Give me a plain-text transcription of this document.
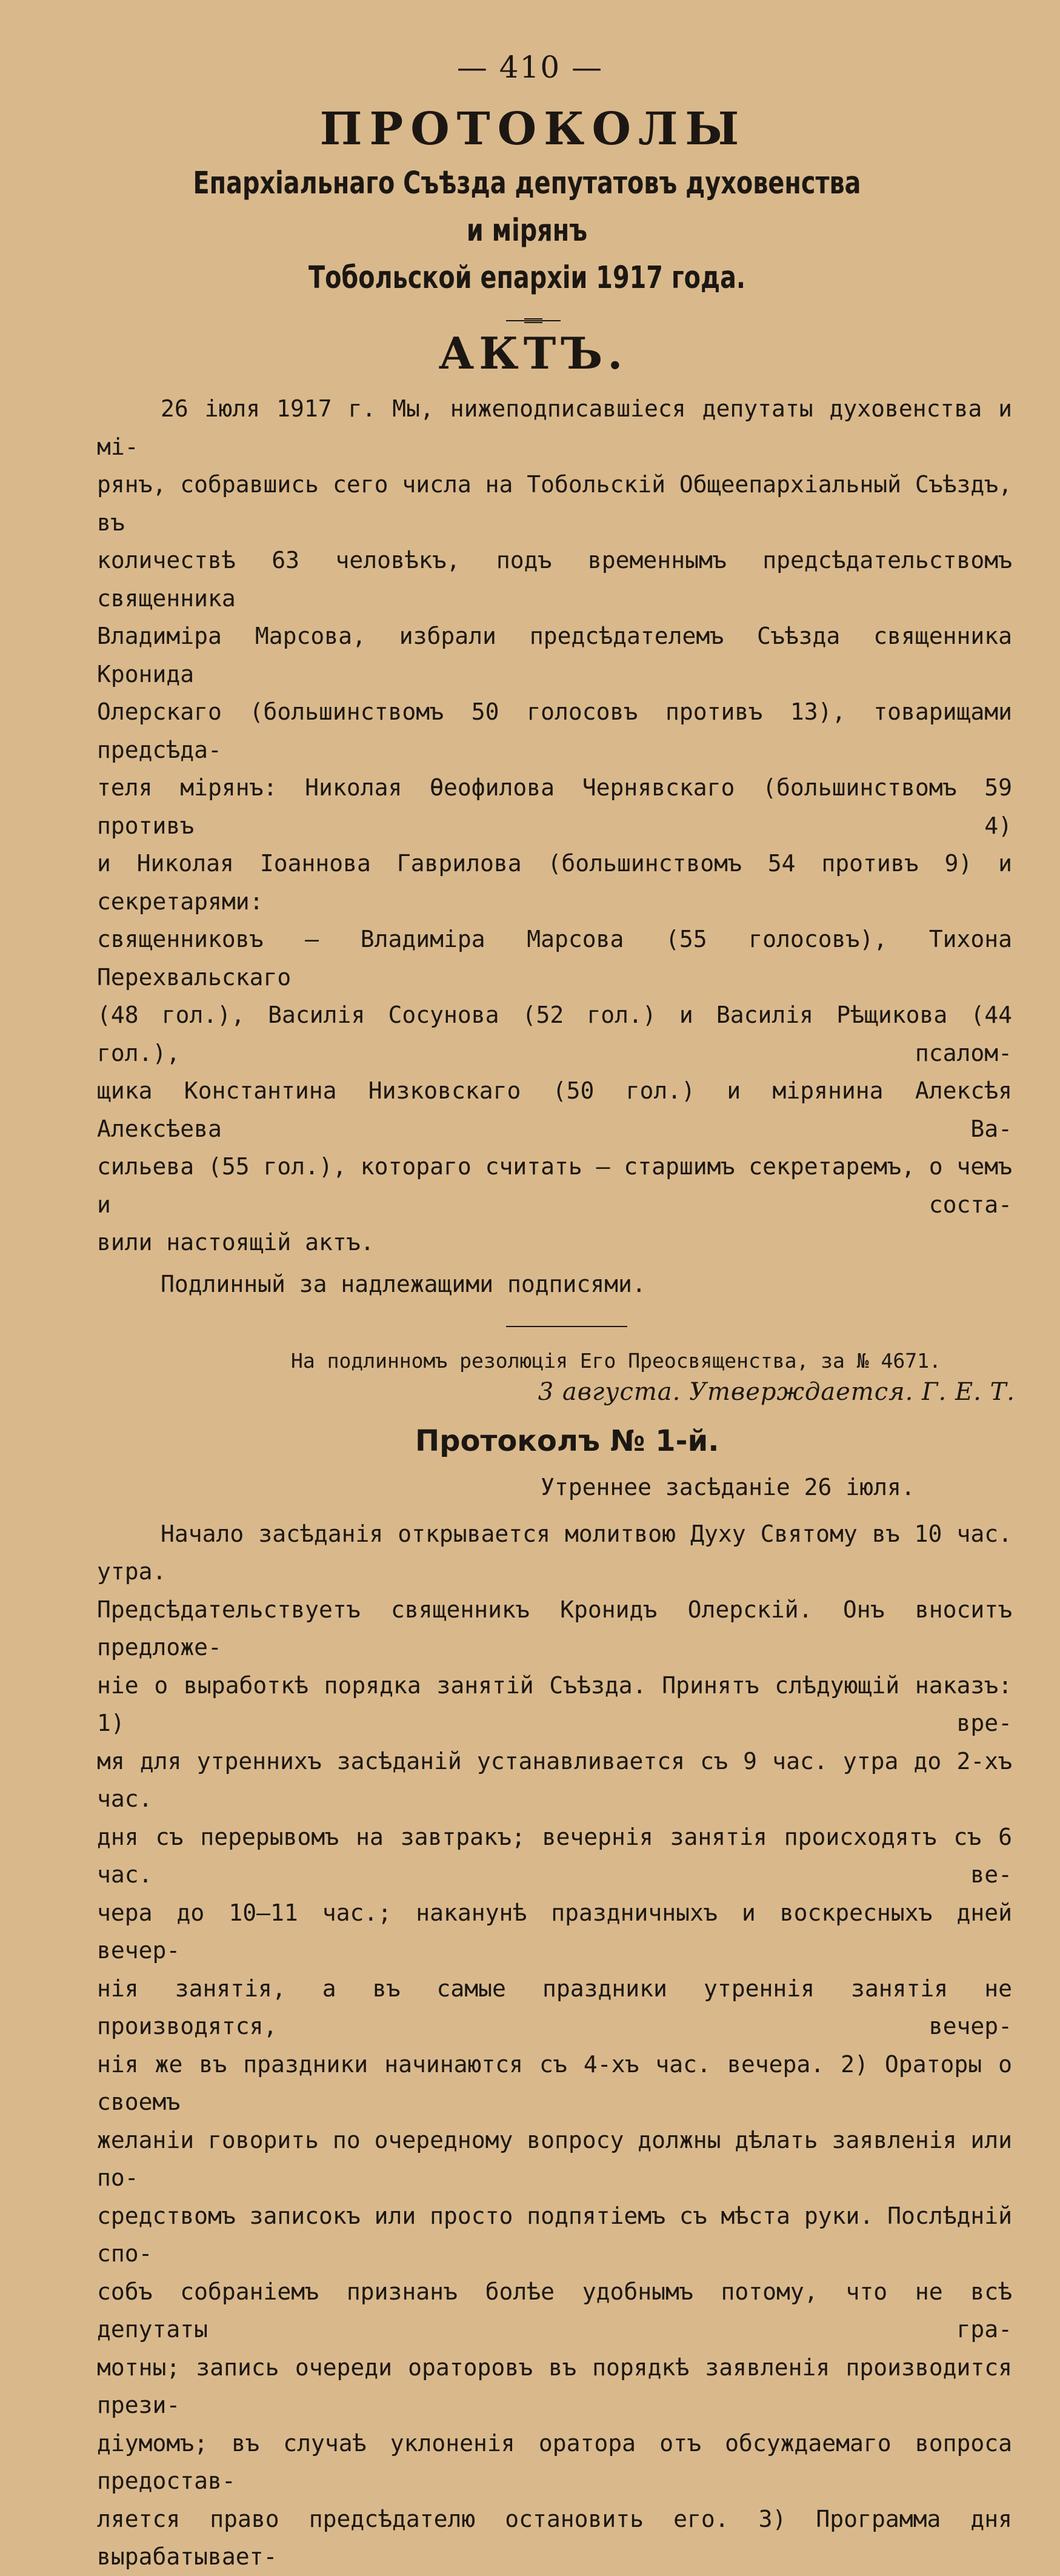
— 410 —
ПРОТОКОЛЫ
Епархіальнаго Съѣзда депутатовъ духовенства и мірянъ
Тобольской епархіи 1917 года.
АКТЪ.
26 іюля 1917 г. Мы, нижеподписавшіеся депутаты духовенства и мі-
рянъ, собравшись сего числа на Тобольскій Общеепархіальный Съѣздъ, въ
количествѣ 63 человѣкъ, подъ временнымъ предсѣдательствомъ священника
Владиміра Марсова, избрали предсѣдателемъ Съѣзда священника Кронида
Олерскаго (большинствомъ 50 голосовъ противъ 13), товарищами предсѣда-
теля мірянъ: Николая Ѳеофилова Чернявскаго (большинствомъ 59 противъ 4)
и Николая Іоаннова Гаврилова (большинствомъ 54 противъ 9) и секретарями:
священниковъ — Владиміра Марсова (55 голосовъ), Тихона Перехвальскаго
(48 гол.), Василія Сосунова (52 гол.) и Василія Рѣщикова (44 гол.), псалом-
щика Константина Низковскаго (50 гол.) и мірянина Алексѣя Алексѣева Ва-
сильева (55 гол.), котораго считать — старшимъ секретаремъ, о чемъ и соста-
вили настоящій актъ.
Подлинный за надлежащими подписями.
На подлинномъ резолюція Его Преосвященства, за № 4671.
3 августа. Утверждается. Г. Е. Т.
Протоколъ № 1-й.
Утреннее засѣданіе 26 іюля.
Начало засѣданія открывается молитвою Духу Святому въ 10 час. утра.
Предсѣдательствуетъ священникъ Кронидъ Олерскій. Онъ вноситъ предложе-
ніе о выработкѣ порядка занятій Съѣзда. Принятъ слѣдующій наказъ: 1) вре-
мя для утреннихъ засѣданій устанавливается съ 9 час. утра до 2-хъ час.
дня съ перерывомъ на завтракъ; вечернія занятія происходятъ съ 6 час. ве-
чера до 10—11 час.; наканунѣ праздничныхъ и воскресныхъ дней вечер-
нія занятія, а въ самые праздники утреннія занятія не производятся, вечер-
нія же въ праздники начинаются съ 4-хъ час. вечера. 2) Ораторы о своемъ
желаніи говорить по очередному вопросу должны дѣлать заявленія или по-
средствомъ записокъ или просто подпятіемъ съ мѣста руки. Послѣдній спо-
собъ собраніемъ признанъ болѣе удобнымъ потому, что не всѣ депутаты гра-
мотны; запись очереди ораторовъ въ порядкѣ заявленія производится прези-
діумомъ; въ случаѣ уклоненія оратора отъ обсуждаемаго вопроса предостав-
ляется право предсѣдателю остановить его. 3) Программа дня вырабатывает-
